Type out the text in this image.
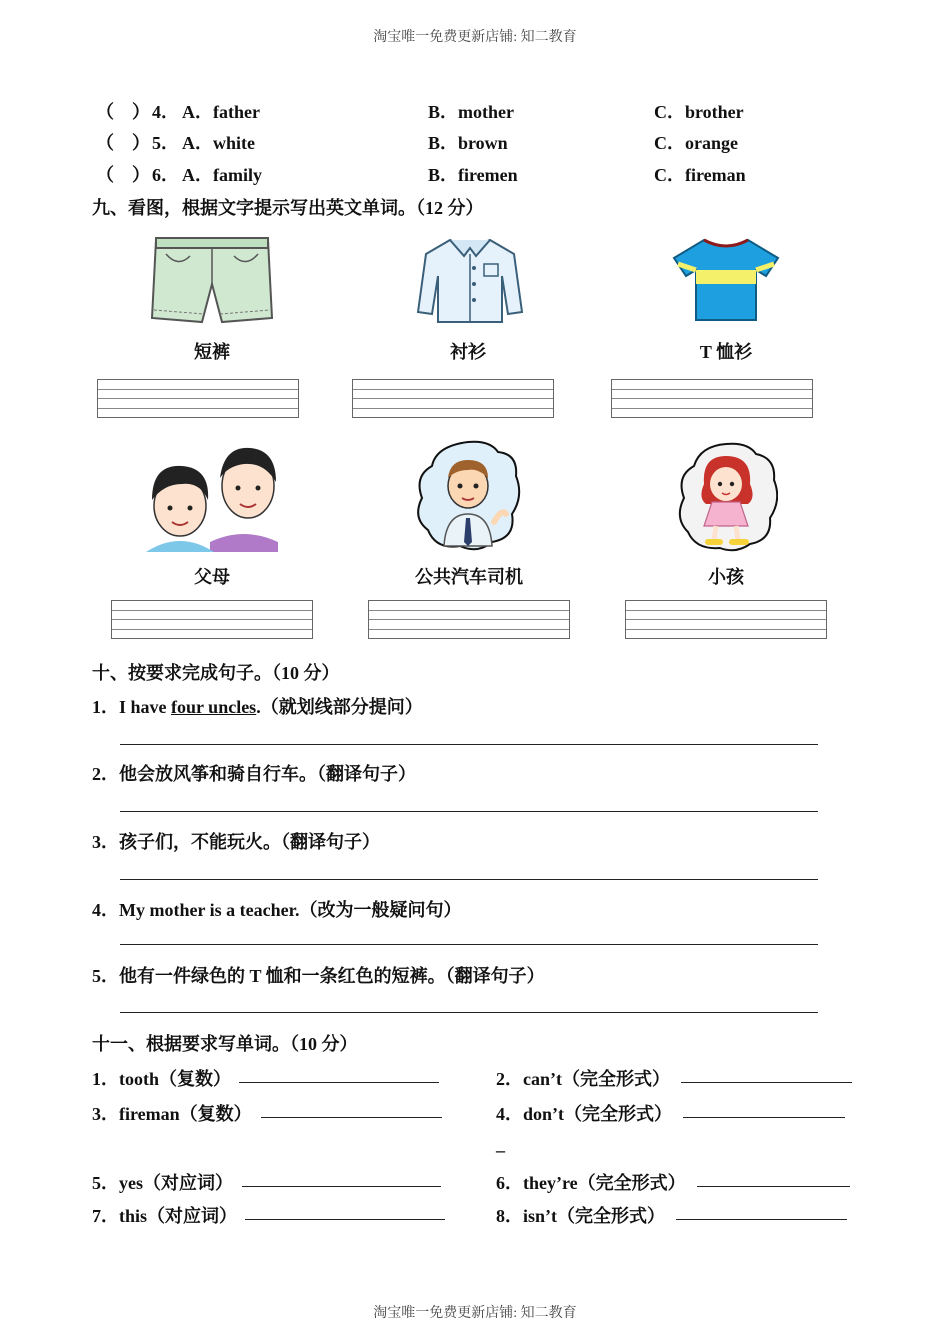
淘宝唯一免费更新店铺: 知二教育
（　） 4． A．father	B．mother	C．brother
（　） 5． A．white	B．brown	C．orange
（　） 6． A．family	B．firemen	C．fireman
九、看图，根据文字提示写出英文单词。（12 分）
短裤	衬衫	T 恤衫
父母	公共汽车司机	小孩
十、按要求完成句子。（10 分）
1．I have four uncles.（就划线部分提问）
2．他会放风筝和骑自行车。（翻译句子）
3．孩子们，不能玩火。（翻译句子）
4．My mother is a teacher.（改为一般疑问句）
5．他有一件绿色的 T 恤和一条红色的短裤。（翻译句子）
十一、根据要求写单词。（10 分）
1．tooth（复数）	2．can’t（完全形式）
3．fireman（复数）	4．don’t（完全形式）
_
5．yes（对应词）	6．they’re（完全形式）
7．this（对应词）	8．isn’t（完全形式）
淘宝唯一免费更新店铺: 知二教育
